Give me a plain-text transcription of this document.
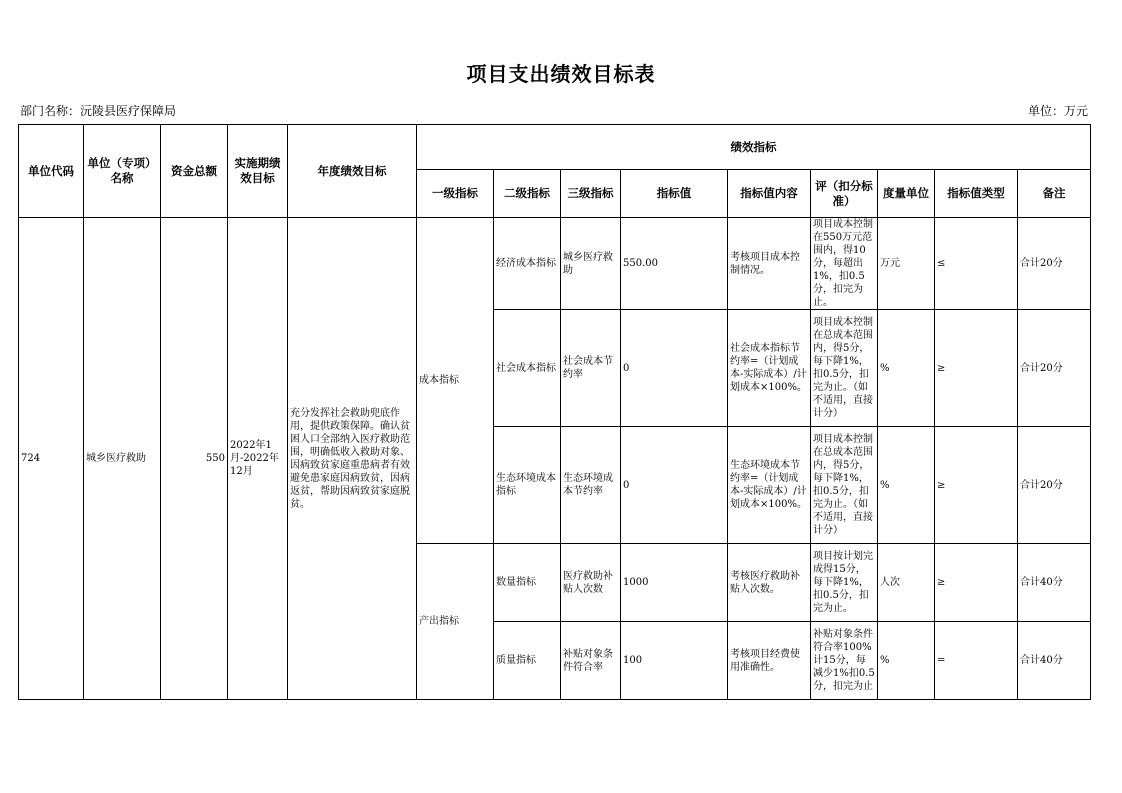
项目支出绩效目标表
部门名称：沅陵县医疗保障局	单位：万元
单位代码	单位（专项）名称	资金总额	实施期绩效目标	年度绩效目标	绩效指标								
					一级指标	二级指标	三级指标	指标值	指标值内容	评（扣分标准）	度量单位	指标值类型	备注
724	城乡医疗救助	550	2022年1月-2022年12月	充分发挥社会救助兜底作用，提供政策保障。确认贫困人口全部纳入医疗救助范围，明确低收入救助对象、因病致贫家庭重患病者有效避免患家庭因病致贫，因病返贫，帮助因病致贫家庭脱贫。	成本指标	经济成本指标	城乡医疗救助	550.00	考核项目成本控制情况。	项目成本控制在550万元范围内，得10分，每超出1%，扣0.5分，扣完为止。	万元	≤	合计20分
						社会成本指标	社会成本节约率	0	社会成本指标节约率=（计划成本-实际成本）/计划成本×100%。	项目成本控制在总成本范围内，得5分，每下降1%，扣0.5分，扣完为止。（如不适用，直接计分）	%	≥	合计20分
						生态环境成本指标	生态环境成本节约率	0	生态环境成本节约率=（计划成本-实际成本）/计划成本×100%。	项目成本控制在总成本范围内，得5分，每下降1%，扣0.5分，扣完为止。（如不适用，直接计分）	%	≥	合计20分
					产出指标	数量指标	医疗救助补贴人次数	1000	考核医疗救助补贴人次数。	项目按计划完成得15分，每下降1%，扣0.5分，扣完为止。	人次	≥	合计40分
						质量指标	补贴对象条件符合率	100	考核项目经费使用准确性。	补贴对象条件符合率100%计15分，每减少1%扣0.5分，扣完为止	%	=	合计40分
